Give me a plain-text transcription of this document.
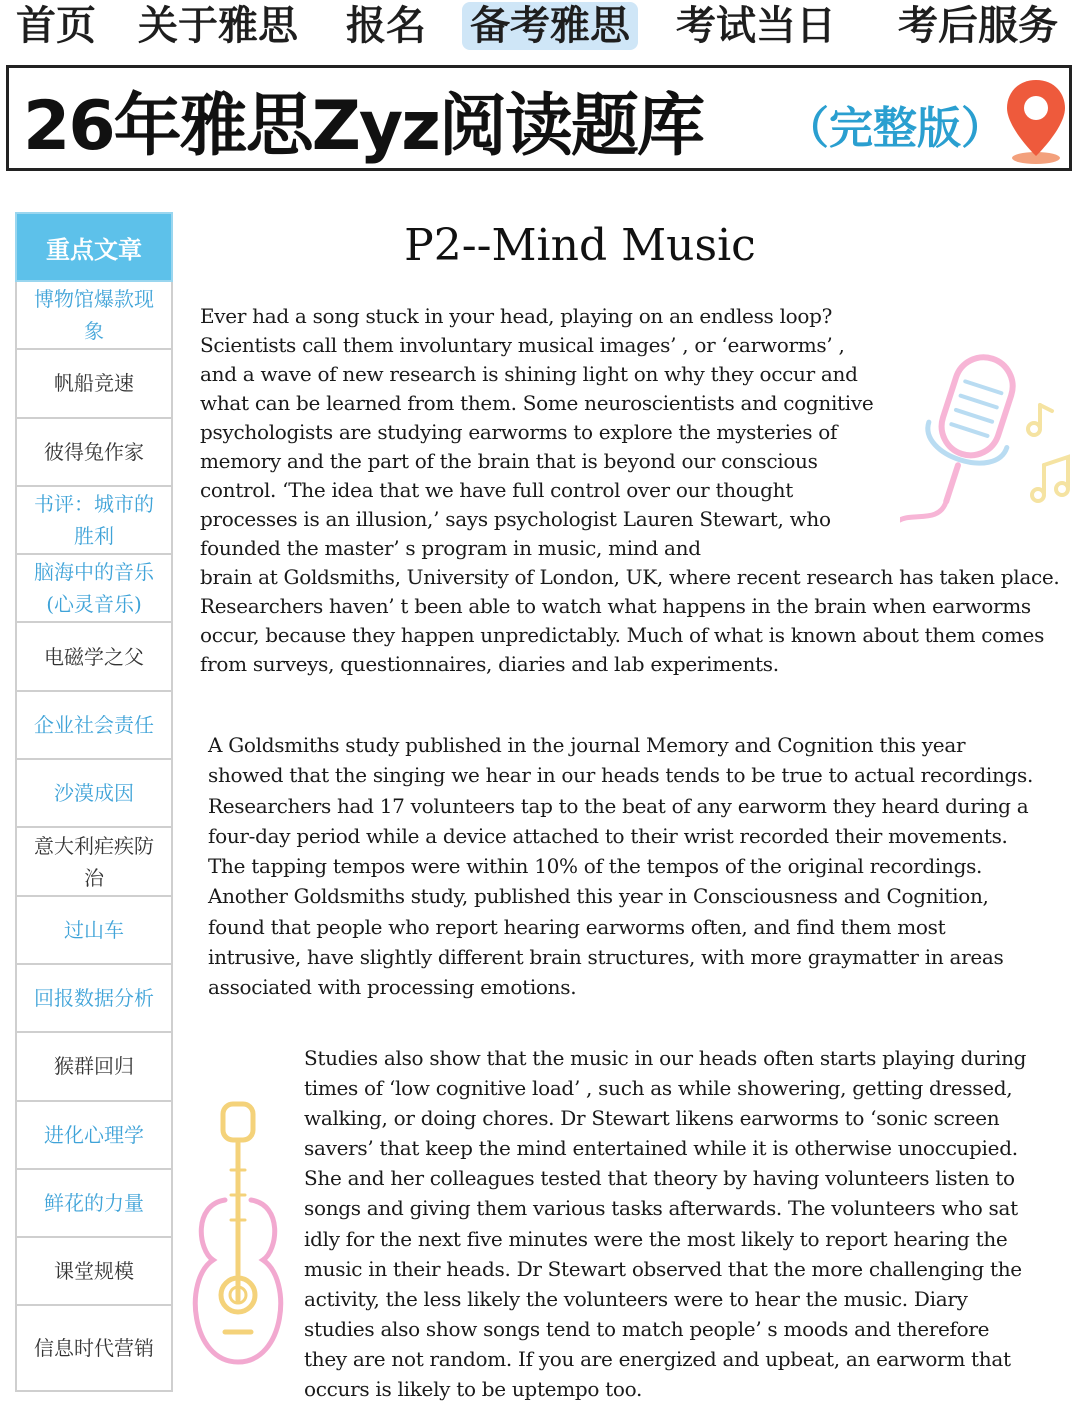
首页 关于雅思 报名 备考雅思 考试当日 考后服务
26年雅思Zyz阅读题库 （完整版）
重点文章
博物馆爆款现象
帆船竞速
彼得兔作家
书评：城市的胜利
脑海中的音乐(心灵音乐)
电磁学之父
企业社会责任
沙漠成因
意大利疟疾防治
过山车
回报数据分析
猴群回归
进化心理学
鲜花的力量
课堂规模
信息时代营销
P2--Mind Music
Ever had a song stuck in your head, playing on an endless loop?
Scientists call them involuntary musical images’ , or ‘earworms’ ,
and a wave of new research is shining light on why they occur and
what can be learned from them. Some neuroscientists and cognitive
psychologists are studying earworms to explore the mysteries of
memory and the part of the brain that is beyond our conscious
control. ‘The idea that we have full control over our thought
processes is an illusion,’ says psychologist Lauren Stewart, who
founded the master’ s program in music, mind and
brain at Goldsmiths, University of London, UK, where recent research has taken place.
Researchers haven’ t been able to watch what happens in the brain when earworms
occur, because they happen unpredictably. Much of what is known about them comes
from surveys, questionnaires, diaries and lab experiments.
A Goldsmiths study published in the journal Memory and Cognition this year
showed that the singing we hear in our heads tends to be true to actual recordings.
Researchers had 17 volunteers tap to the beat of any earworm they heard during a
four-day period while a device attached to their wrist recorded their movements.
The tapping tempos were within 10% of the tempos of the original recordings.
Another Goldsmiths study, published this year in Consciousness and Cognition,
found that people who report hearing earworms often, and find them most
intrusive, have slightly different brain structures, with more graymatter in areas
associated with processing emotions.
Studies also show that the music in our heads often starts playing during
times of ‘low cognitive load’ , such as while showering, getting dressed,
walking, or doing chores. Dr Stewart likens earworms to ‘sonic screen
savers’ that keep the mind entertained while it is otherwise unoccupied.
She and her colleagues tested that theory by having volunteers listen to
songs and giving them various tasks afterwards. The volunteers who sat
idly for the next five minutes were the most likely to report hearing the
music in their heads. Dr Stewart observed that the more challenging the
activity, the less likely the volunteers were to hear the music. Diary
studies also show songs tend to match people’ s moods and therefore
they are not random. If you are energized and upbeat, an earworm that
occurs is likely to be uptempo too.
